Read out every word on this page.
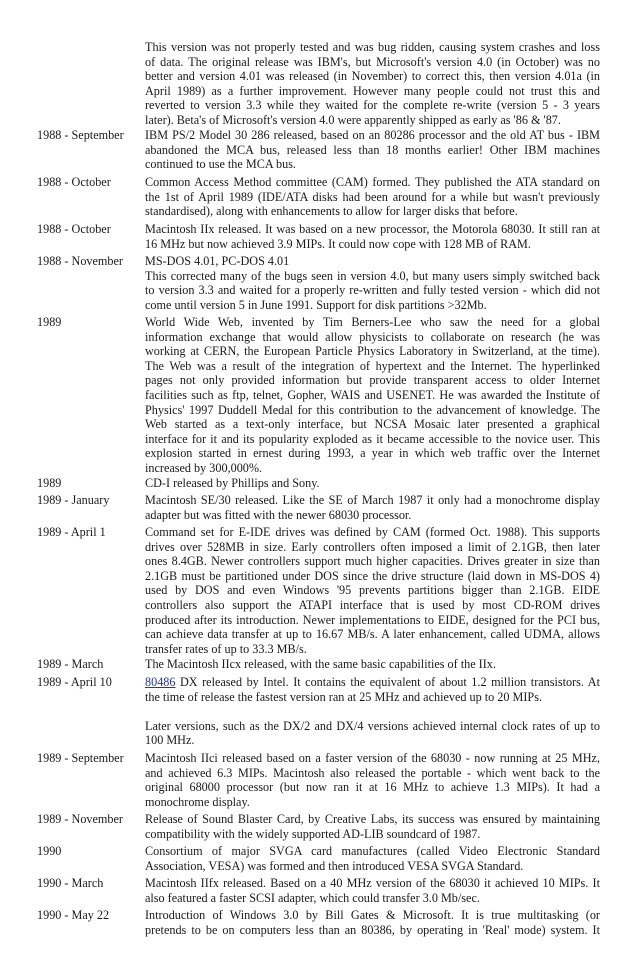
This version was not properly tested and was bug ridden, causing system crashes and loss
of data. The original release was IBM's, but Microsoft's version 4.0 (in October) was no
better and version 4.01 was released (in November) to correct this, then version 4.01a (in
April 1989) as a further improvement. However many people could not trust this and
reverted to version 3.3 while they waited for the complete re-write (version 5 - 3 years
later). Beta's of Microsoft's version 4.0 were apparently shipped as early as '86 & '87.
1988 - September IBM PS/2 Model 30 286 released, based on an 80286 processor and the old AT bus - IBM
abandoned the MCA bus, released less than 18 months earlier! Other IBM machines
continued to use the MCA bus.
1988 - October	Common Access Method committee (CAM) formed. They published the ATA standard on
the 1st of April 1989 (IDE/ATA disks had been around for a while but wasn't previously
standardised), along with enhancements to allow for larger disks that before.
1988 - October	Macintosh IIx released. It was based on a new processor, the Motorola 68030. It still ran at
16 MHz but now achieved 3.9 MIPs. It could now cope with 128 MB of RAM.
1988 - November MS-DOS 4.01, PC-DOS 4.01
This corrected many of the bugs seen in version 4.0, but many users simply switched back
to version 3.3 and waited for a properly re-written and fully tested version - which did not
come until version 5 in June 1991. Support for disk partitions >32Mb.
1989	World Wide Web, invented by Tim Berners-Lee who saw the need for a global
information exchange that would allow physicists to collaborate on research (he was
working at CERN, the European Particle Physics Laboratory in Switzerland, at the time).
The Web was a result of the integration of hypertext and the Internet. The hyperlinked
pages not only provided information but provide transparent access to older Internet
facilities such as ftp, telnet, Gopher, WAIS and USENET. He was awarded the Institute of
Physics' 1997 Duddell Medal for this contribution to the advancement of knowledge. The
Web started as a text-only interface, but NCSA Mosaic later presented a graphical
interface for it and its popularity exploded as it became accessible to the novice user. This
explosion started in ernest during 1993, a year in which web traffic over the Internet
increased by 300,000%.
1989	CD-I released by Phillips and Sony.
1989 - January	Macintosh SE/30 released. Like the SE of March 1987 it only had a monochrome display
adapter but was fitted with the newer 68030 processor.
1989 - April 1	Command set for E-IDE drives was defined by CAM (formed Oct. 1988). This supports
drives over 528MB in size. Early controllers often imposed a limit of 2.1GB, then later
ones 8.4GB. Newer controllers support much higher capacities. Drives greater in size than
2.1GB must be partitioned under DOS since the drive structure (laid down in MS-DOS 4)
used by DOS and even Windows '95 prevents partitions bigger than 2.1GB. EIDE
controllers also support the ATAPI interface that is used by most CD-ROM drives
produced after its introduction. Newer implementations to EIDE, designed for the PCI bus,
can achieve data transfer at up to 16.67 MB/s. A later enhancement, called UDMA, allows
transfer rates of up to 33.3 MB/s.
1989 - March	The Macintosh IIcx released, with the same basic capabilities of the IIx.
1989 - April 10	80486 DX released by Intel. It contains the equivalent of about 1.2 million transistors. At
the time of release the fastest version ran at 25 MHz and achieved up to 20 MIPs.
Later versions, such as the DX/2 and DX/4 versions achieved internal clock rates of up to
100 MHz.
1989 - September Macintosh IIci released based on a faster version of the 68030 - now running at 25 MHz,
and achieved 6.3 MIPs. Macintosh also released the portable - which went back to the
original 68000 processor (but now ran it at 16 MHz to achieve 1.3 MIPs). It had a
monochrome display.
1989 - November Release of Sound Blaster Card, by Creative Labs, its success was ensured by maintaining
compatibility with the widely supported AD-LIB soundcard of 1987.
1990	Consortium of major SVGA card manufactures (called Video Electronic Standard
Association, VESA) was formed and then introduced VESA SVGA Standard.
1990 - March	Macintosh IIfx released. Based on a 40 MHz version of the 68030 it achieved 10 MIPs. It
also featured a faster SCSI adapter, which could transfer 3.0 Mb/sec.
1990 - May 22	Introduction of Windows 3.0 by Bill Gates & Microsoft. It is true multitasking (or
pretends to be on computers less than an 80386, by operating in 'Real' mode) system. It
